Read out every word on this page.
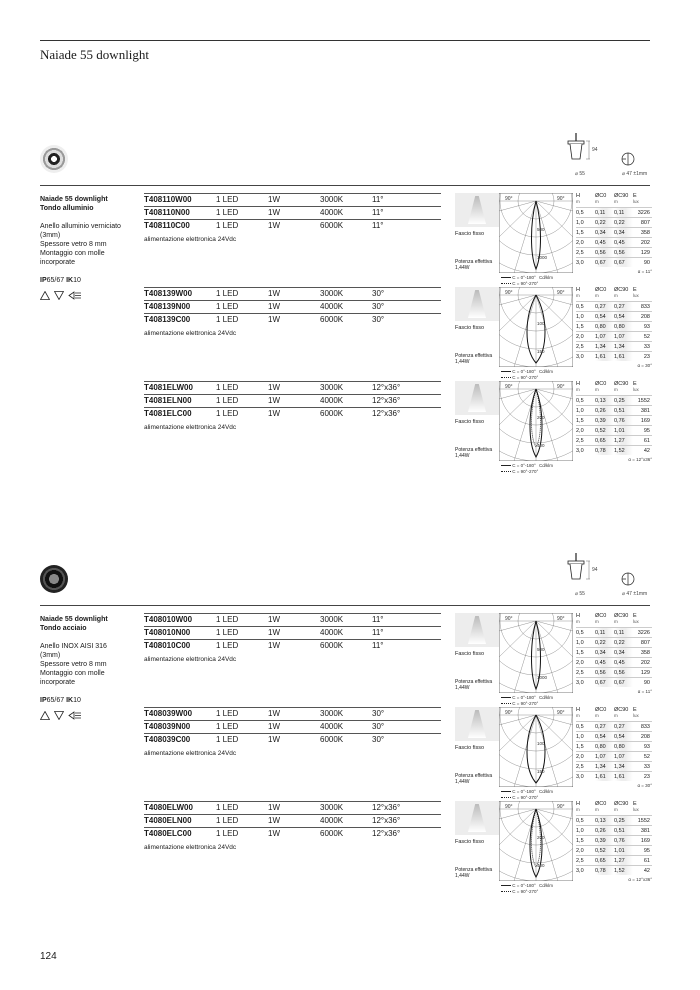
Naiade 55 downlight
94
⌀ 55	⌀ 47 ±1mm
Naiade 55 downlight
Tondo alluminio
Anello alluminio verniciato
(3mm)
Spessore vetro 8 mm
Montaggio con molle
incorporate
IP65/67 IK10
T408110W00	1 LED	1W	3000K	11°
T408110N00	1 LED	1W	4000K	11°
T408110C00	1 LED	1W	6000K	11°
alimentazione elettronica 24Vdc
Fascio fisso
Potenza effettiva
1,44W
90°	90°
500
1000
C = 0°-180°
C = 90°-270°
Cd/klm
H
m
ØC0
m
ØC90
m
E
lux
0,5	0,11	0,11	3226
1,0	0,22	0,22	807
1,5	0,34	0,34	358
2,0	0,45	0,45	202
2,5	0,56	0,56	129
3,0	0,67	0,67	90
α = 11°
T408139W00	1 LED	1W	3000K	30°
T408139N00	1 LED	1W	4000K	30°
T408139C00	1 LED	1W	6000K	30°
alimentazione elettronica 24Vdc
Fascio fisso
Potenza effettiva
1,44W
90°	90°
100
150
C = 0°-180°
C = 90°-270°
Cd/klm
H
m
ØC0
m
ØC90
m
E
lux
0,5	0,27	0,27	833
1,0	0,54	0,54	208
1,5	0,80	0,80	93
2,0	1,07	1,07	52
2,5	1,34	1,34	33
3,0	1,61	1,61	23
α = 30°
T4081ELW00	1 LED	1W	3000K	12°x36°
T4081ELN00	1 LED	1W	4000K	12°x36°
T4081ELC00	1 LED	1W	6000K	12°x36°
alimentazione elettronica 24Vdc
Fascio fisso
Potenza effettiva
1,44W
90°	90°
200
400
C = 0°-180°
C = 90°-270°
Cd/klm
H
m
ØC0
m
ØC90
m
E
lux
0,5	0,13	0,25	1552
1,0	0,26	0,51	381
1,5	0,39	0,76	169
2,0	0,52	1,01	95
2,5	0,65	1,27	61
3,0	0,78	1,52	42
α = 12°x36°
94
⌀ 55	⌀ 47 ±1mm
Naiade 55 downlight
Tondo acciaio
Anello INOX AISI 316
(3mm)
Spessore vetro 8 mm
Montaggio con molle
incorporate
IP65/67 IK10
T408010W00	1 LED	1W	3000K	11°
T408010N00	1 LED	1W	4000K	11°
T408010C00	1 LED	1W	6000K	11°
alimentazione elettronica 24Vdc
Fascio fisso
Potenza effettiva
1,44W
90°	90°
500
1000
C = 0°-180°
C = 90°-270°
Cd/klm
H
m
ØC0
m
ØC90
m
E
lux
0,5	0,11	0,11	3226
1,0	0,22	0,22	807
1,5	0,34	0,34	358
2,0	0,45	0,45	202
2,5	0,56	0,56	129
3,0	0,67	0,67	90
α = 11°
T408039W00	1 LED	1W	3000K	30°
T408039N00	1 LED	1W	4000K	30°
T408039C00	1 LED	1W	6000K	30°
alimentazione elettronica 24Vdc
Fascio fisso
Potenza effettiva
1,44W
90°	90°
100
150
C = 0°-180°
C = 90°-270°
Cd/klm
H
m
ØC0
m
ØC90
m
E
lux
0,5	0,27	0,27	833
1,0	0,54	0,54	208
1,5	0,80	0,80	93
2,0	1,07	1,07	52
2,5	1,34	1,34	33
3,0	1,61	1,61	23
α = 30°
T4080ELW00	1 LED	1W	3000K	12°x36°
T4080ELN00	1 LED	1W	4000K	12°x36°
T4080ELC00	1 LED	1W	6000K	12°x36°
alimentazione elettronica 24Vdc
Fascio fisso
Potenza effettiva
1,44W
90°	90°
200
400
C = 0°-180°
C = 90°-270°
Cd/klm
H
m
ØC0
m
ØC90
m
E
lux
0,5	0,13	0,25	1552
1,0	0,26	0,51	381
1,5	0,39	0,76	169
2,0	0,52	1,01	95
2,5	0,65	1,27	61
3,0	0,78	1,52	42
α = 12°x36°
124
